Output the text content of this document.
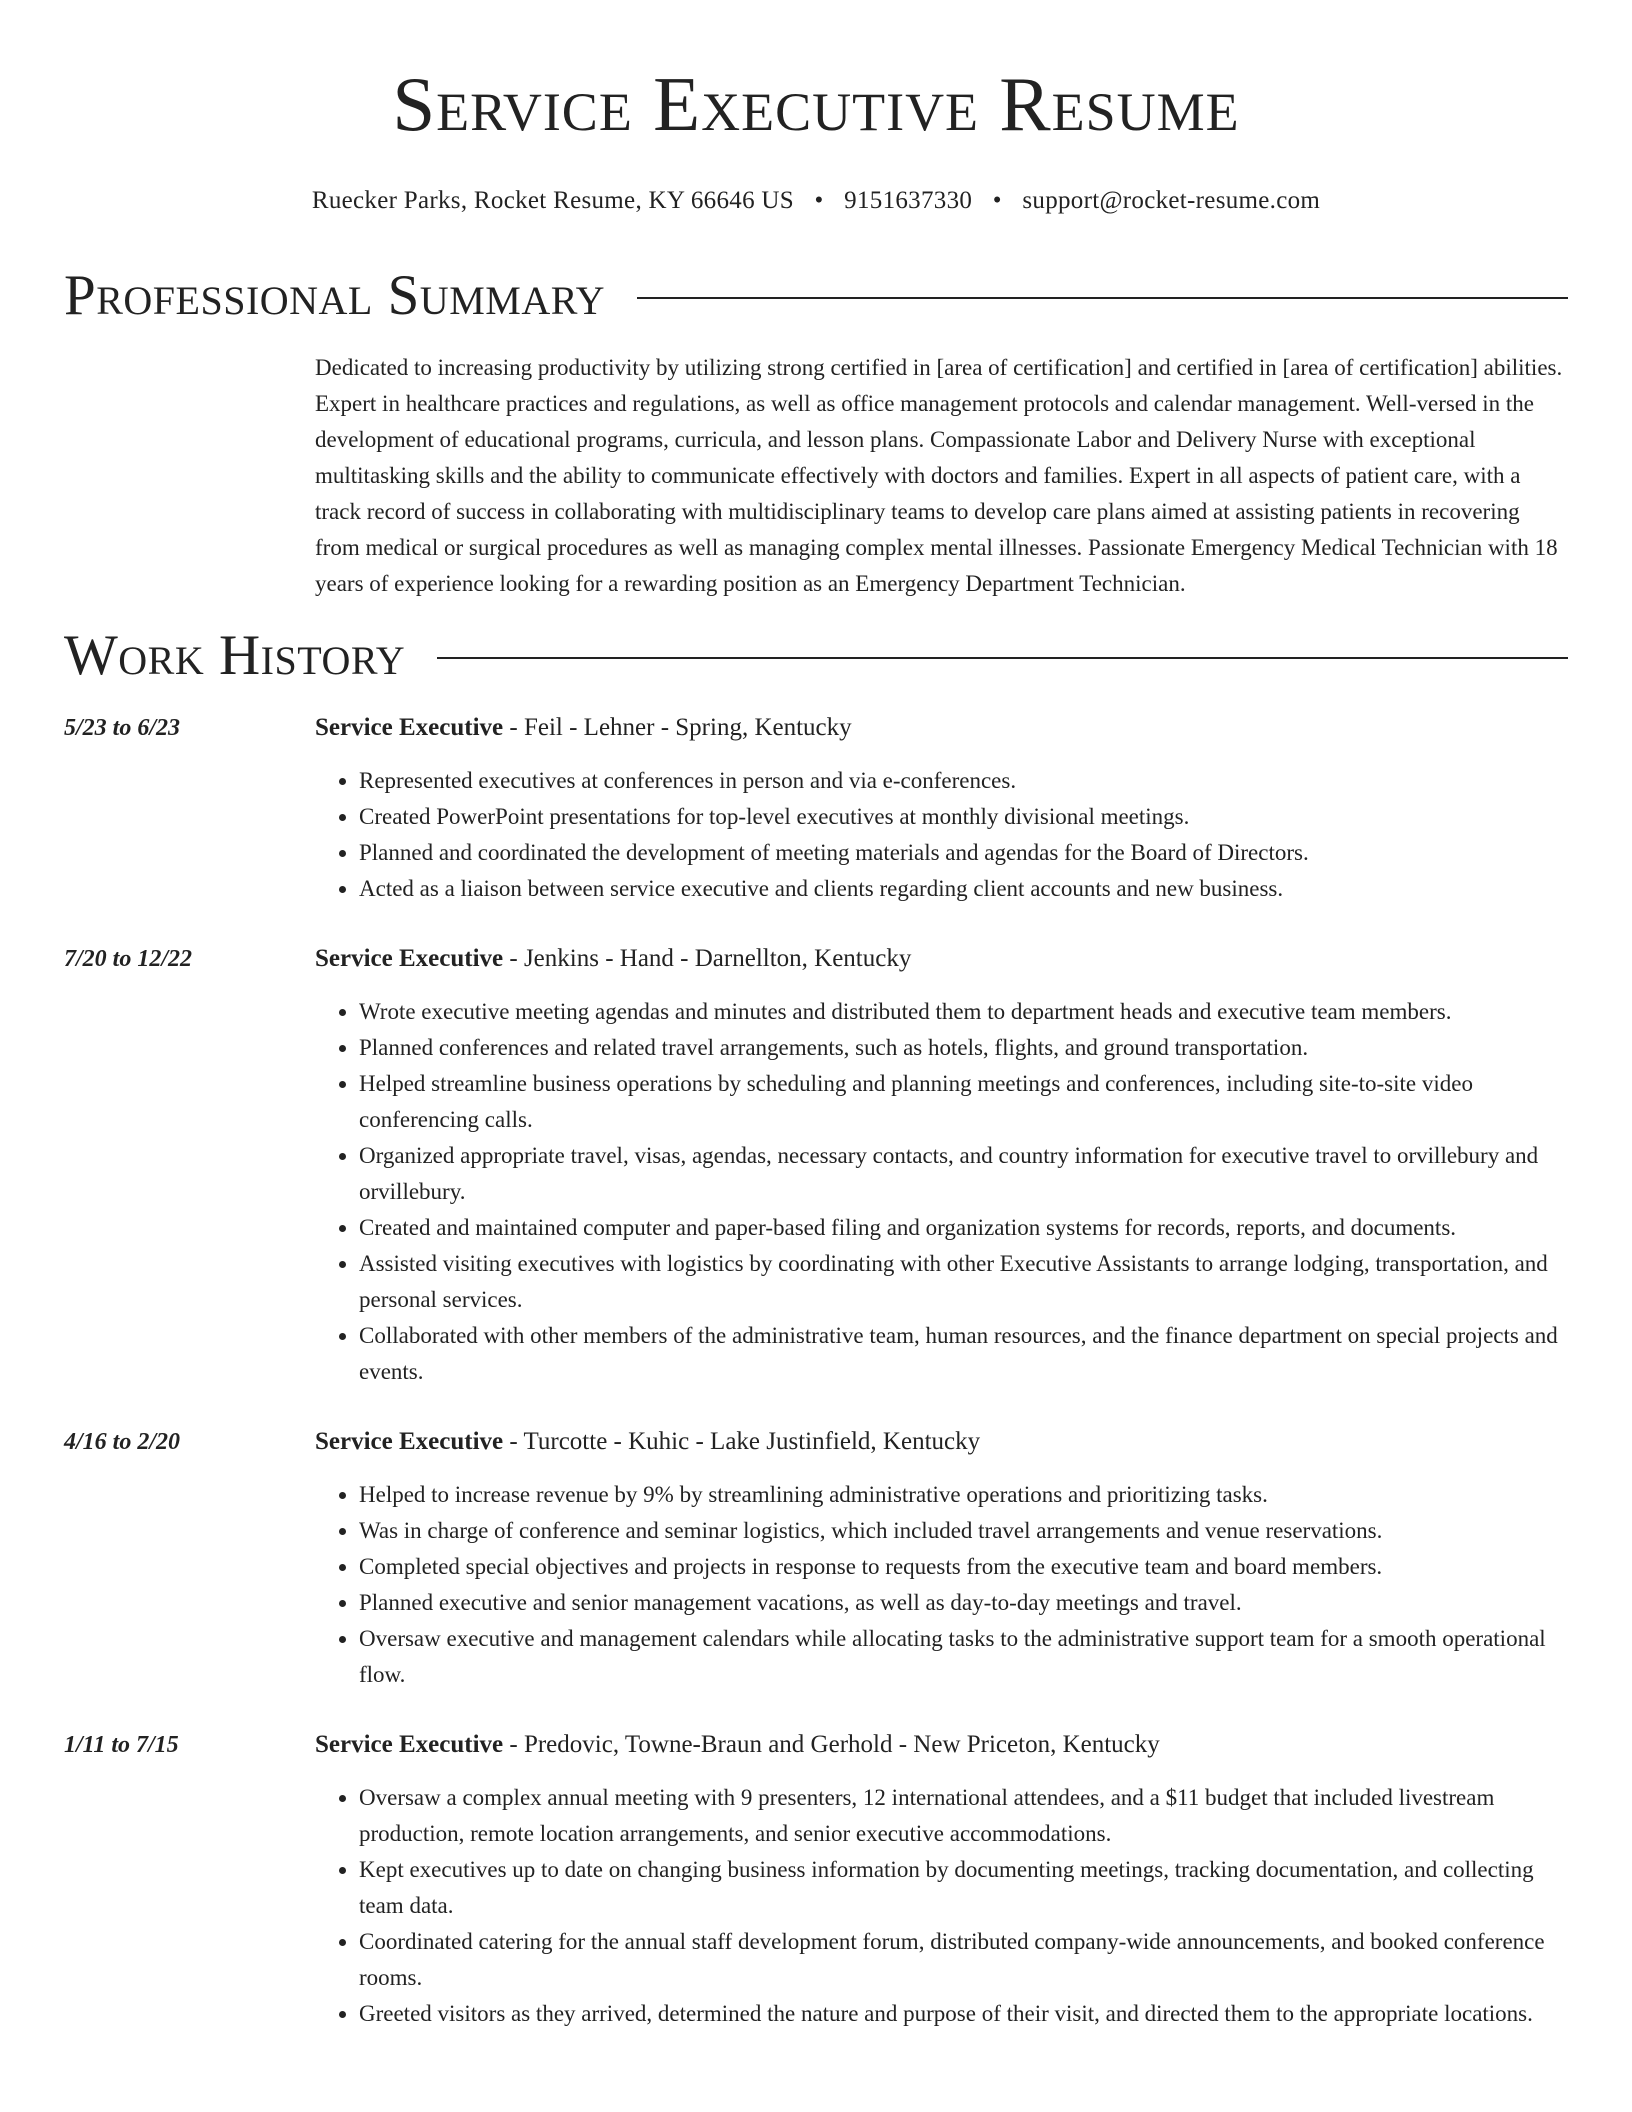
Service Executive Resume
Ruecker Parks, Rocket Resume, KY 66646 US • 9151637330 • support@rocket-resume.com
Professional Summary
Dedicated to increasing productivity by utilizing strong certified in [area of certification] and certified in [area of certification] abilities. Expert in healthcare practices and regulations, as well as office management protocols and calendar management. Well-versed in the development of educational programs, curricula, and lesson plans. Compassionate Labor and Delivery Nurse with exceptional multitasking skills and the ability to communicate effectively with doctors and families. Expert in all aspects of patient care, with a track record of success in collaborating with multidisciplinary teams to develop care plans aimed at assisting patients in recovering from medical or surgical procedures as well as managing complex mental illnesses. Passionate Emergency Medical Technician with 18 years of experience looking for a rewarding position as an Emergency Department Technician.
Work History
5/23 to 6/23	Service Executive - Feil - Lehner - Spring, Kentucky
• Represented executives at conferences in person and via e-conferences.
• Created PowerPoint presentations for top-level executives at monthly divisional meetings.
• Planned and coordinated the development of meeting materials and agendas for the Board of Directors.
• Acted as a liaison between service executive and clients regarding client accounts and new business.
7/20 to 12/22	Service Executive - Jenkins - Hand - Darnellton, Kentucky
• Wrote executive meeting agendas and minutes and distributed them to department heads and executive team members.
• Planned conferences and related travel arrangements, such as hotels, flights, and ground transportation.
• Helped streamline business operations by scheduling and planning meetings and conferences, including site-to-site video conferencing calls.
• Organized appropriate travel, visas, agendas, necessary contacts, and country information for executive travel to orvillebury and orvillebury.
• Created and maintained computer and paper-based filing and organization systems for records, reports, and documents.
• Assisted visiting executives with logistics by coordinating with other Executive Assistants to arrange lodging, transportation, and personal services.
• Collaborated with other members of the administrative team, human resources, and the finance department on special projects and events.
4/16 to 2/20	Service Executive - Turcotte - Kuhic - Lake Justinfield, Kentucky
• Helped to increase revenue by 9% by streamlining administrative operations and prioritizing tasks.
• Was in charge of conference and seminar logistics, which included travel arrangements and venue reservations.
• Completed special objectives and projects in response to requests from the executive team and board members.
• Planned executive and senior management vacations, as well as day-to-day meetings and travel.
• Oversaw executive and management calendars while allocating tasks to the administrative support team for a smooth operational flow.
1/11 to 7/15	Service Executive - Predovic, Towne-Braun and Gerhold - New Priceton, Kentucky
• Oversaw a complex annual meeting with 9 presenters, 12 international attendees, and a $11 budget that included livestream production, remote location arrangements, and senior executive accommodations.
• Kept executives up to date on changing business information by documenting meetings, tracking documentation, and collecting team data.
• Coordinated catering for the annual staff development forum, distributed company-wide announcements, and booked conference rooms.
• Greeted visitors as they arrived, determined the nature and purpose of their visit, and directed them to the appropriate locations.
